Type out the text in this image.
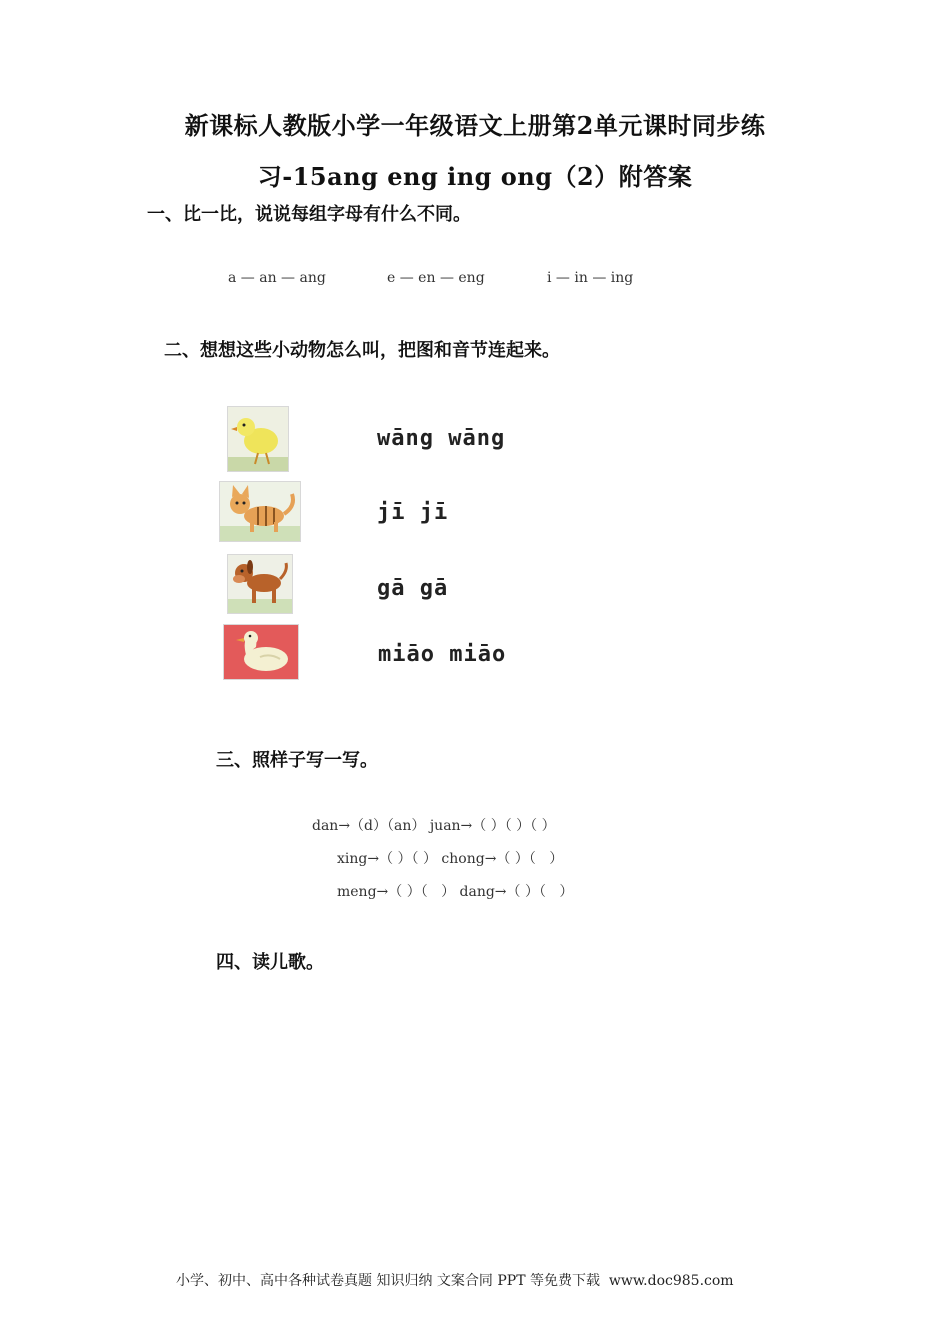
新课标人教版小学一年级语文上册第2单元课时同步练
习-15ang eng ing ong（2）附答案
一、比一比，说说每组字母有什么不同。
a — an — ang	e — en — eng	i — in — ing
二、想想这些小动物怎么叫，把图和音节连起来。
wāng wāng
jī jī
gā gā
miāo miāo
三、照样子写一写。
dan→（d）（an） juan→（ ）（ ）（ ）
xing→（ ）（ ） chong→（ ）（   ）
meng→（ ）（   ） dang→（ ）（   ）
四、读儿歌。
小学、初中、高中各种试卷真题 知识归纳 文案合同 PPT 等免费下载  www.doc985.com
